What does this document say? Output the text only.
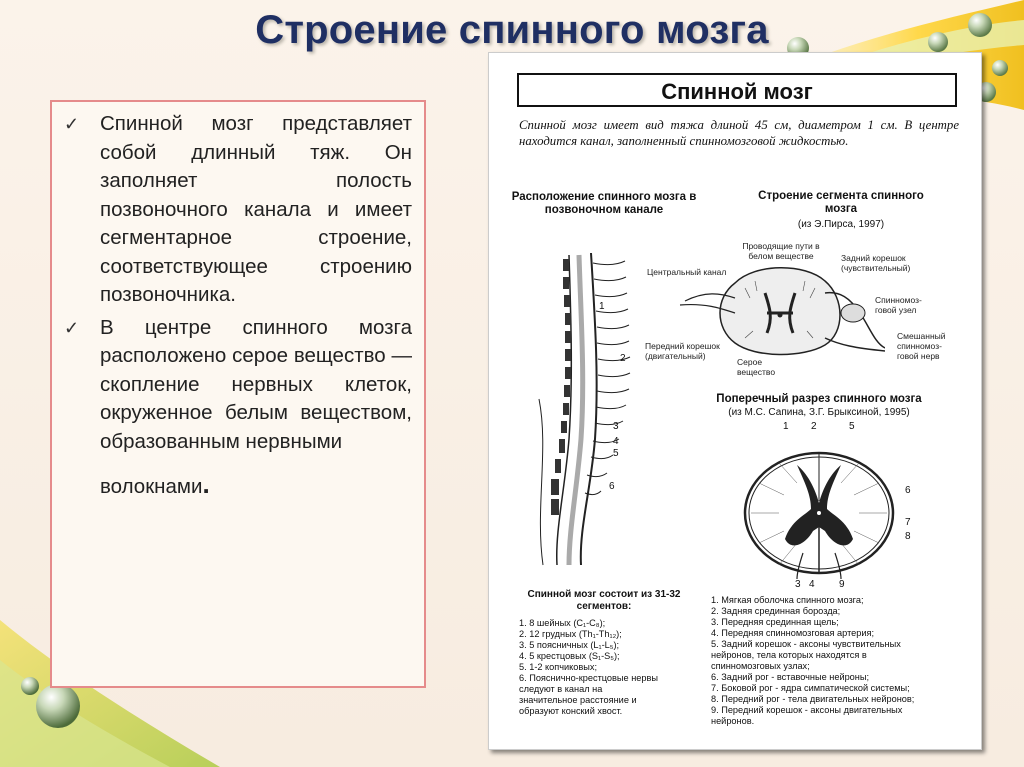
Строение спинного мозга
✓ Спинной мозг представляет собой длинный тяж. Он заполняет полость позвоночного канала и имеет сегментарное строение, соответствующее строению позвоночника.
✓ В центре спинного мозга расположено серое вещество — скопление нервных клеток, окруженное белым веществом, образованным нервными
волокнами.
Спинной мозг
Спинной мозг имеет вид тяжа длиной 45 см, диаметром 1 см. В центре находится канал, заполненный спинномозговой жидкостью.
Расположение спинного мозга в позвоночном канале
1
2
3
4
5
6
Строение сегмента спинного мозга
(из Э.Пирса, 1997)
Проводящие пути в белом веществе	Задний корешок (чувствительный)
Центральный канал
Спинномоз- говой узел
Передний корешок (двигательный)
Серое вещество
Смешанный спинномоз- говой нерв
Поперечный разрез спинного мозга
(из М.С. Сапина, З.Г. Брыксиной, 1995)
1 2	5
6
7
8
3 4 9
Спинной мозг состоит из 31-32 сегментов:
1. 8 шейных (C₁-C₈);
2. 12 грудных (Th₁-Th₁₂);
3. 5 поясничных (L₁-L₅);
4. 5 крестцовых (S₁-S₅);
5. 1-2 копчиковых;
6. Пояснично-крестцовые нервы
следуют в канал на
значительное расстояние и
образуют конский хвост.
1. Мягкая оболочка спинного мозга;
2. Задняя срединная борозда;
3. Передняя срединная щель;
4. Передняя спинномозговая артерия;
5. Задний корешок - аксоны чувствительных
нейронов, тела которых находятся в
спинномозговых узлах;
6. Задний рог - вставочные нейроны;
7. Боковой рог - ядра симпатической системы;
8. Передний рог - тела двигательных нейронов;
9. Передний корешок - аксоны двигательных
нейронов.
